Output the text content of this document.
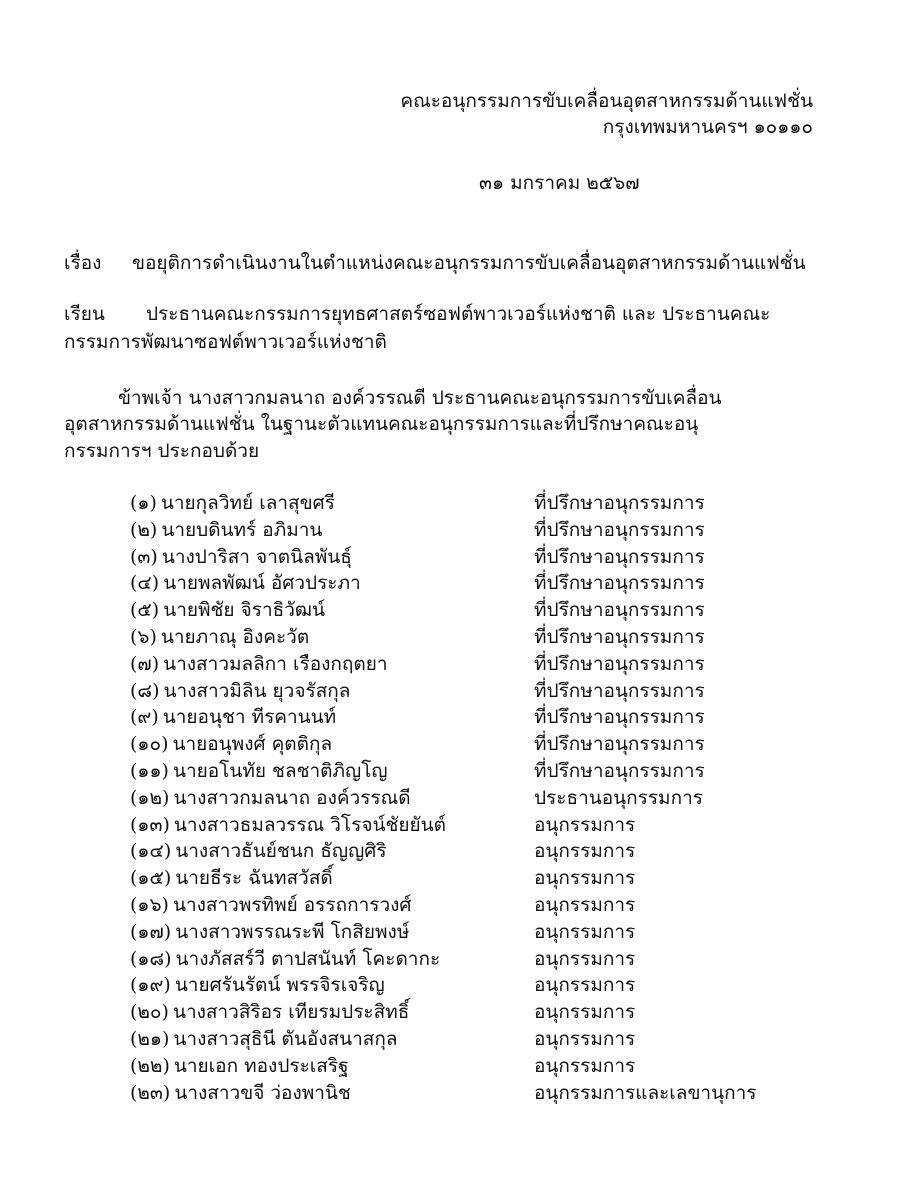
คณะอนุกรรมการขับเคลื่อนอุตสาหกรรมด้านแฟชั่น
กรุงเทพมหานครฯ ๑๐๑๑๐
๓๑ มกราคม ๒๕๖๗
เรื่อง ขอยุติการดำเนินงานในตำแหน่งคณะอนุกรรมการขับเคลื่อนอุตสาหกรรมด้านแฟชั่น
เรียน ประธานคณะกรรมการยุทธศาสตร์ซอฟต์พาวเวอร์แห่งชาติ และ ประธานคณะ
กรรมการพัฒนาซอฟต์พาวเวอร์แห่งชาติ
ข้าพเจ้า นางสาวกมลนาถ องค์วรรณดี ประธานคณะอนุกรรมการขับเคลื่อน
อุตสาหกรรมด้านแฟชั่น ในฐานะตัวแทนคณะอนุกรรมการและที่ปรึกษาคณะอนุ
กรรมการฯ ประกอบด้วย
(๑) นายกุลวิทย์ เลาสุขศรี	ที่ปรึกษาอนุกรรมการ
(๒) นายบดินทร์ อภิมาน	ที่ปรึกษาอนุกรรมการ
(๓) นางปาริสา จาตนิลพันธุ์	ที่ปรึกษาอนุกรรมการ
(๔) นายพลพัฒน์ อัศวประภา	ที่ปรึกษาอนุกรรมการ
(๕) นายพิชัย จิราธิวัฒน์	ที่ปรึกษาอนุกรรมการ
(๖) นายภาณุ อิงคะวัต	ที่ปรึกษาอนุกรรมการ
(๗) นางสาวมลลิกา เรืองกฤตยา	ที่ปรึกษาอนุกรรมการ
(๘) นางสาวมิลิน ยุวจรัสกุล	ที่ปรึกษาอนุกรรมการ
(๙) นายอนุชา ทีรคานนท์	ที่ปรึกษาอนุกรรมการ
(๑๐) นายอนุพงศ์ คุตติกุล	ที่ปรึกษาอนุกรรมการ
(๑๑) นายอโนทัย ชลชาติภิญโญ	ที่ปรึกษาอนุกรรมการ
(๑๒) นางสาวกมลนาถ องค์วรรณดี	ประธานอนุกรรมการ
(๑๓) นางสาวธมลวรรณ วิโรจน์ชัยยันต์	อนุกรรมการ
(๑๔) นางสาวธันย์ชนก ธัญญศิริ	อนุกรรมการ
(๑๕) นายธีระ ฉันทสวัสดิ์	อนุกรรมการ
(๑๖) นางสาวพรทิพย์ อรรถการวงศ์	อนุกรรมการ
(๑๗) นางสาวพรรณระพี โกสิยพงษ์	อนุกรรมการ
(๑๘) นางภัสสร์วี ตาปสนันท์ โคะดากะ	อนุกรรมการ
(๑๙) นายศรันรัตน์ พรรจิรเจริญ	อนุกรรมการ
(๒๐) นางสาวสิริอร เทียรมประสิทธิ์	อนุกรรมการ
(๒๑) นางสาวสุธินี ตันอังสนาสกุล	อนุกรรมการ
(๒๒) นายเอก ทองประเสริฐ	อนุกรรมการ
(๒๓) นางสาวขจี ว่องพานิช	อนุกรรมการและเลขานุการ
